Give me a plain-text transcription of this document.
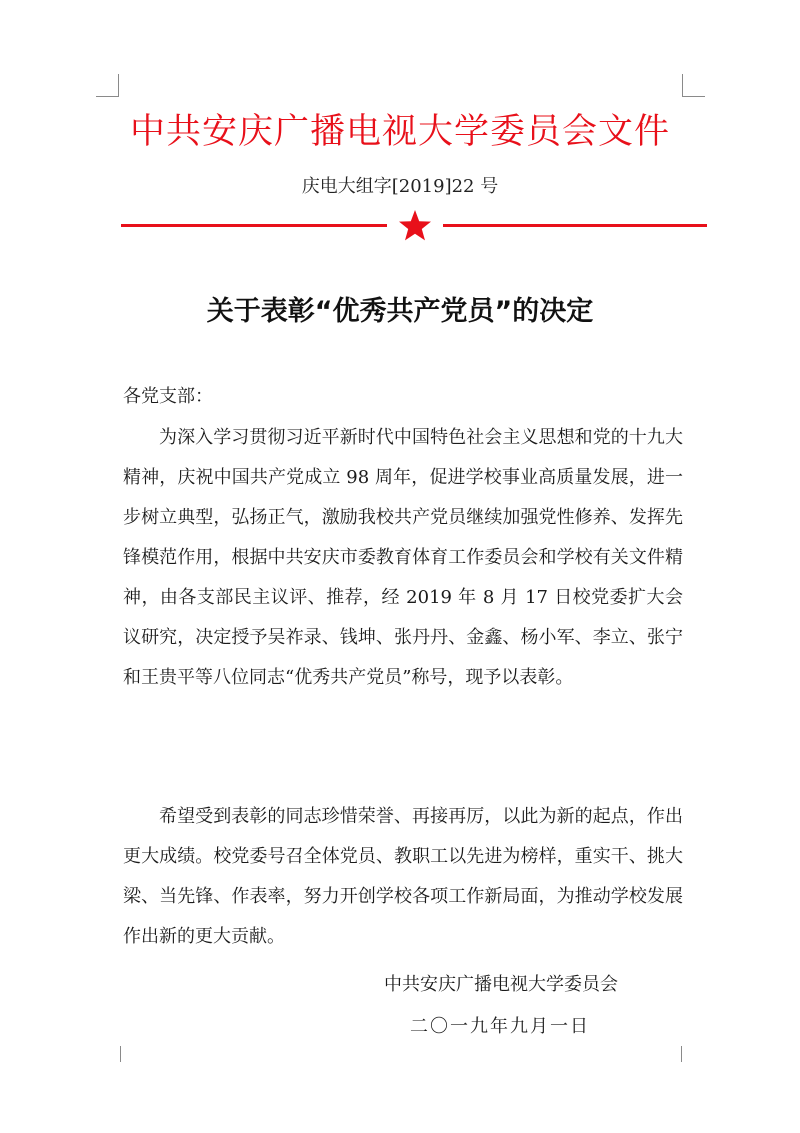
中共安庆广播电视大学委员会文件
庆电大组字[2019]22 号
关于表彰“优秀共产党员”的决定
各党支部：

为深入学习贯彻习近平新时代中国特色社会主义思想和党的十九大精神，庆祝中国共产党成立 98 周年，促进学校事业高质量发展，进一步树立典型，弘扬正气，激励我校共产党员继续加强党性修养、发挥先锋模范作用，根据中共安庆市委教育体育工作委员会和学校有关文件精神，由各支部民主议评、推荐，经 2019 年 8 月 17 日校党委扩大会议研究，决定授予吴祚录、钱坤、张丹丹、金鑫、杨小军、李立、张宁和王贵平等八位同志“优秀共产党员”称号，现予以表彰。

希望受到表彰的同志珍惜荣誉、再接再厉，以此为新的起点，作出更大成绩。校党委号召全体党员、教职工以先进为榜样，重实干、挑大梁、当先锋、作表率，努力开创学校各项工作新局面，为推动学校发展作出新的更大贡献。

中共安庆广播电视大学委员会
二〇一九年九月一日
